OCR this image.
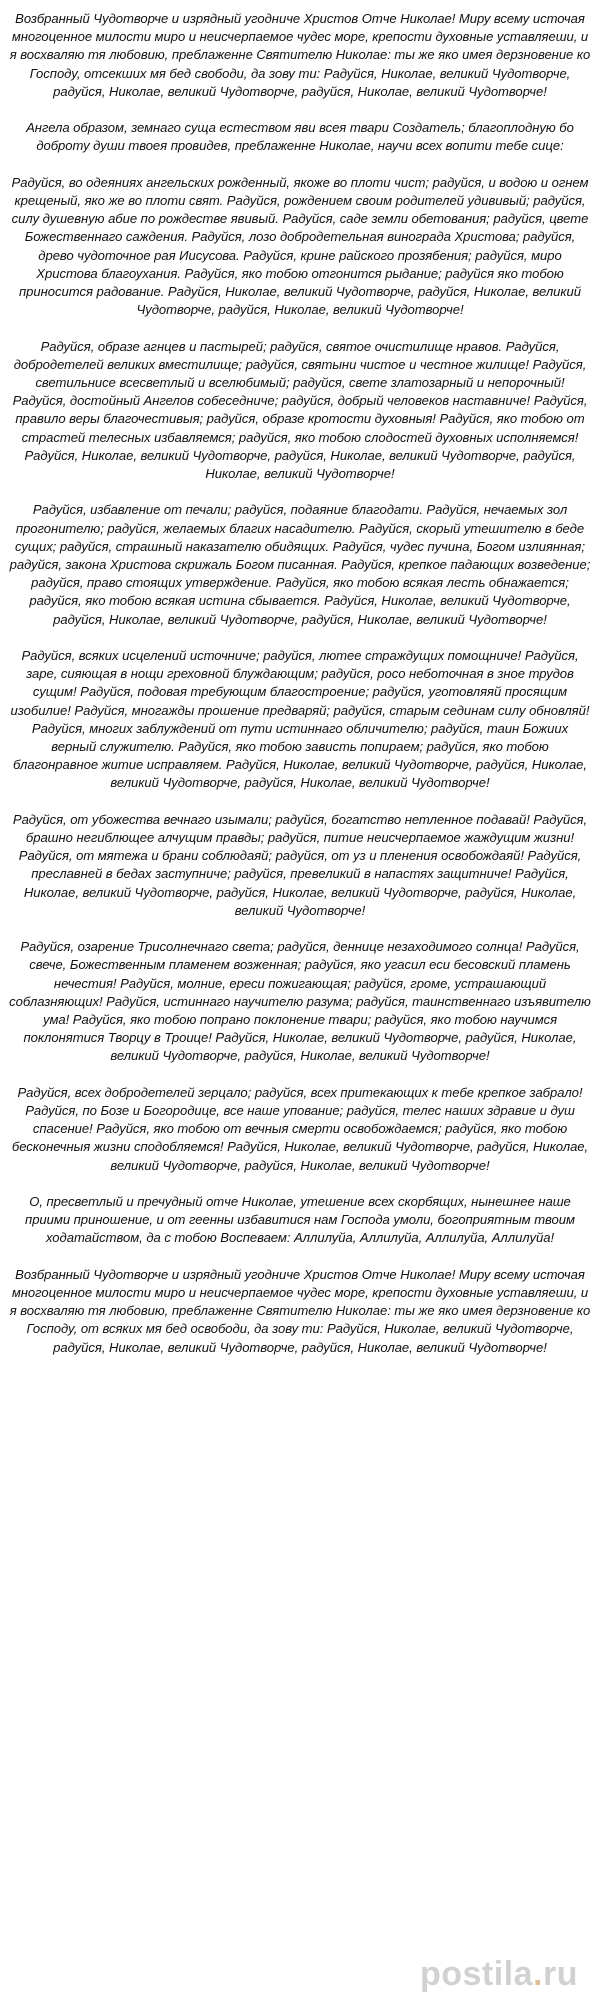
Возбранный Чудотворче и изрядный угодниче Христов Отче Николае! Миру всему источая многоценное милости миро и неисчерпаемое чудес море, крепости духовные уставляеши, и я восхваляю тя любовию, преблаженне Святителю Николае: ты же яко имея дерзновение ко Господу, отсекших мя бед свободи, да зову ти: Радуйся, Николае, великий Чудотворче, радуйся, Николае, великий Чудотворче, радуйся, Николае, великий Чудотворче!

Ангела образом, земнаго суща естеством яви всея твари Создатель; благоплодную бо доброту души твоея провидев, преблаженне Николае, научи всех вопити тебе сице:

Радуйся, во одеяниях ангельских рожденный, якоже во плоти чист; радуйся, и водою и огнем крещеный, яко же во плоти свят. Радуйся, рождением своим родителей удививый; радуйся, силу душевную абие по рождестве явивый. Радуйся, саде земли обетования; радуйся, цвете Божественнаго саждения. Радуйся, лозо добродетельная винограда Христова; радуйся, древо чудоточное рая Иисусова. Радуйся, крине райского прозябения; радуйся, миро Христова благоухания. Радуйся, яко тобою отгонится рыдание; радуйся яко тобою приносится радование. Радуйся, Николае, великий Чудотворче, радуйся, Николае, великий Чудотворче, радуйся, Николае, великий Чудотворче!

Радуйся, образе агнцев и пастырей; радуйся, святое очистилище нравов. Радуйся, добродетелей великих вместилище; радуйся, святыни чистое и честное жилище! Радуйся, светильнисе всесветлый и вселюбимый; радуйся, свете златозарный и непорочный! Радуйся, достойный Ангелов собеседниче; радуйся, добрый человеков наставниче! Радуйся, правило веры благочестивыя; радуйся, образе кротости духовныя! Радуйся, яко тобою от страстей телесных избавляемся; радуйся, яко тобою слодостей духовных исполняемся! Радуйся, Николае, великий Чудотворче, радуйся, Николае, великий Чудотворче, радуйся, Николае, великий Чудотворче!

Радуйся, избавление от печали; радуйся, подаяние благодати. Радуйся, нечаемых зол прогонителю; радуйся, желаемых благих насадителю. Радуйся, скорый утешителю в беде сущих; радуйся, страшный наказателю обидящих. Радуйся, чудес пучина, Богом излиянная; радуйся, закона Христова скрижаль Богом писанная. Радуйся, крепкое падающих возведение; радуйся, право стоящих утверждение. Радуйся, яко тобою всякая лесть обнажается; радуйся, яко тобою всякая истина сбывается. Радуйся, Николае, великий Чудотворче, радуйся, Николае, великий Чудотворче, радуйся, Николае, великий Чудотворче!

Радуйся, всяких исцелений источниче; радуйся, лютее страждущих помощниче! Радуйся, заре, сияющая в нощи греховной блуждающим; радуйся, росо неботочная в зное трудов сущим! Радуйся, подовая требующим благостроение; радуйся, уготовляяй просящим изобилие! Радуйся, многажды прошение предваряй; радуйся, старым сединам силу обновляй! Радуйся, многих заблуждений от пути истиннаго обличителю; радуйся, таин Божиих верный служителю. Радуйся, яко тобою зависть попираем; радуйся, яко тобою благонравное житие исправляем. Радуйся, Николае, великий Чудотворче, радуйся, Николае, великий Чудотворче, радуйся, Николае, великий Чудотворче!

Радуйся, от убожества вечнаго изымали; радуйся, богатство нетленное подавай! Радуйся, брашно негиблющее алчущим правды; радуйся, питие неисчерпаемое жаждущим жизни! Радуйся, от мятежа и брани соблюдаяй; радуйся, от уз и пленения освобождаяй! Радуйся, преславней в бедах заступниче; радуйся, превеликий в напастях защитниче! Радуйся, Николае, великий Чудотворче, радуйся, Николае, великий Чудотворче, радуйся, Николае, великий Чудотворче!

Радуйся, озарение Трисолнечнаго света; радуйся, деннице незаходимого солнца! Радуйся, свече, Божественным пламенем возженная; радуйся, яко угасил еси бесовский пламень нечестия! Радуйся, молние, ереси пожигающая; радуйся, громе, устрашающий соблазняющих! Радуйся, истиннаго научителю разума; радуйся, таинственнаго изъявителю ума! Радуйся, яко тобою попрано поклонение твари; радуйся, яко тобою научимся поклонятися Творцу в Троице! Радуйся, Николае, великий Чудотворче, радуйся, Николае, великий Чудотворче, радуйся, Николае, великий Чудотворче!

Радуйся, всех добродетелей зерцало; радуйся, всех притекающих к тебе крепкое забрало! Радуйся, по Бозе и Богородице, все наше упование; радуйся, телес наших здравие и душ спасение! Радуйся, яко тобою от вечныя смерти освобождаемся; радуйся, яко тобою бесконечныя жизни сподобляемся! Радуйся, Николае, великий Чудотворче, радуйся, Николае, великий Чудотворче, радуйся, Николае, великий Чудотворче!

О, пресветлый и пречудный отче Николае, утешение всех скорбящих, нынешнее наше приими приношение, и от геенны избавитися нам Господа умоли, богоприятным твоим ходатайством, да с тобою Воспеваем: Аллилуйа, Аллилуйа, Аллилуйа, Аллилуйа!

Возбранный Чудотворче и изрядный угодниче Христов Отче Николае! Миру всему источая многоценное милости миро и неисчерпаемое чудес море, крепости духовные уставляеши, и я восхваляю тя любовию, преблаженне Святителю Николае: ты же яко имея дерзновение ко Господу, от всяких мя бед освободи, да зову ти: Радуйся, Николае, великий Чудотворче, радуйся, Николае, великий Чудотворче, радуйся, Николае, великий Чудотворче!

postila.ru
